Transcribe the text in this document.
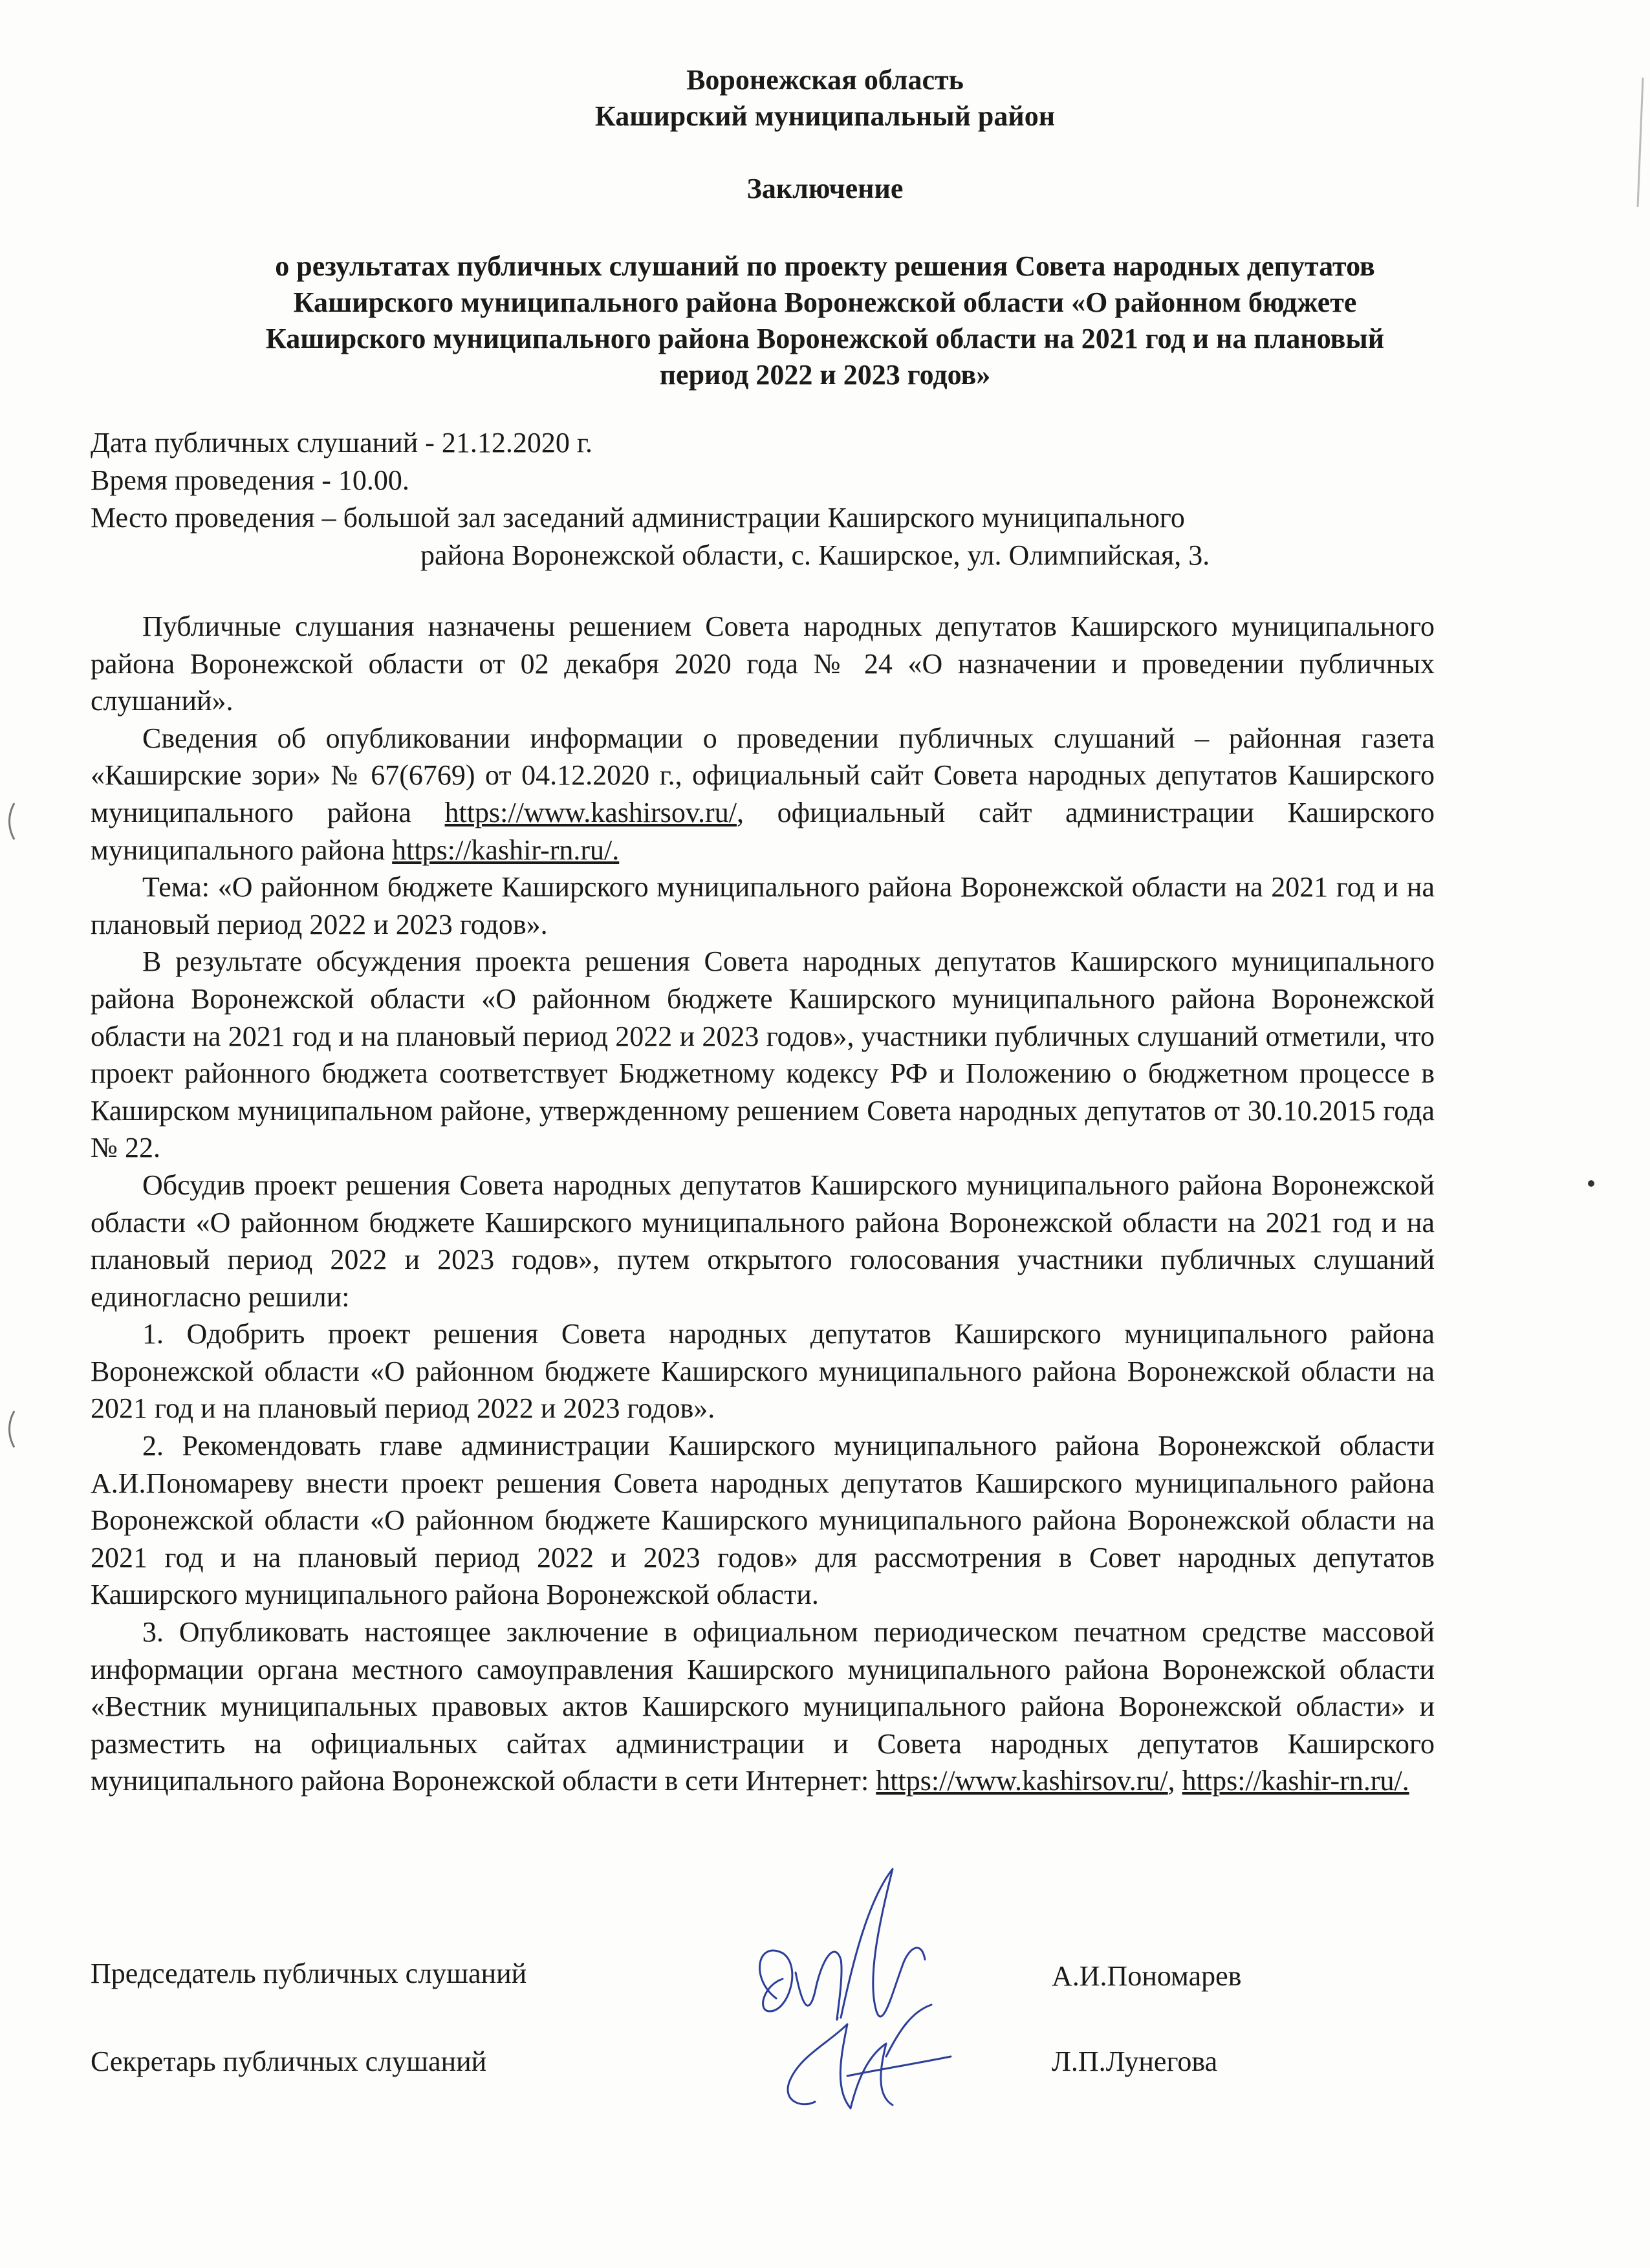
Воронежская область
Каширский муниципальный район
Заключение
о результатах публичных слушаний по проекту решения Совета народных депутатов
Каширского муниципального района Воронежской области «О районном бюджете
Каширского муниципального района Воронежской области на 2021 год и на плановый
период 2022 и 2023 годов»
Дата публичных слушаний - 21.12.2020 г.
Время проведения - 10.00.
Место проведения – большой зал заседаний администрации Каширского муниципального
района Воронежской области, с. Каширское, ул. Олимпийская, 3.

Публичные слушания назначены решением Совета народных депутатов Каширского муниципального района Воронежской области от 02 декабря 2020 года № 24 «О назначении и проведении публичных слушаний».

Сведения об опубликовании информации о проведении публичных слушаний – районная газета «Каширские зори» № 67(6769) от 04.12.2020 г., официальный сайт Совета народных депутатов Каширского муниципального района https://www.kashirsov.ru/, официальный сайт администрации Каширского муниципального района https://kashir-rn.ru/.

Тема: «О районном бюджете Каширского муниципального района Воронежской области на 2021 год и на плановый период 2022 и 2023 годов».

В результате обсуждения проекта решения Совета народных депутатов Каширского муниципального района Воронежской области «О районном бюджете Каширского муниципального района Воронежской области на 2021 год и на плановый период 2022 и 2023 годов», участники публичных слушаний отметили, что проект районного бюджета соответствует Бюджетному кодексу РФ и Положению о бюджетном процессе в Каширском муниципальном районе, утвержденному решением Совета народных депутатов от 30.10.2015 года № 22.

Обсудив проект решения Совета народных депутатов Каширского муниципального района Воронежской области «О районном бюджете Каширского муниципального района Воронежской области на 2021 год и на плановый период 2022 и 2023 годов», путем открытого голосования участники публичных слушаний единогласно решили:

1. Одобрить проект решения Совета народных депутатов Каширского муниципального района Воронежской области «О районном бюджете Каширского муниципального района Воронежской области на 2021 год и на плановый период 2022 и 2023 годов».

2. Рекомендовать главе администрации Каширского муниципального района Воронежской области А.И.Пономареву внести проект решения Совета народных депутатов Каширского муниципального района Воронежской области «О районном бюджете Каширского муниципального района Воронежской области на 2021 год и на плановый период 2022 и 2023 годов» для рассмотрения в Совет народных депутатов Каширского муниципального района Воронежской области.

3. Опубликовать настоящее заключение в официальном периодическом печатном средстве массовой информации органа местного самоуправления Каширского муниципального района Воронежской области «Вестник муниципальных правовых актов Каширского муниципального района Воронежской области» и разместить на официальных сайтах администрации и Совета народных депутатов Каширского муниципального района Воронежской области в сети Интернет: https://www.kashirsov.ru/, https://kashir-rn.ru/.

Председатель публичных слушаний	А.И.Пономарев
Секретарь публичных слушаний	Л.П.Лунегова
